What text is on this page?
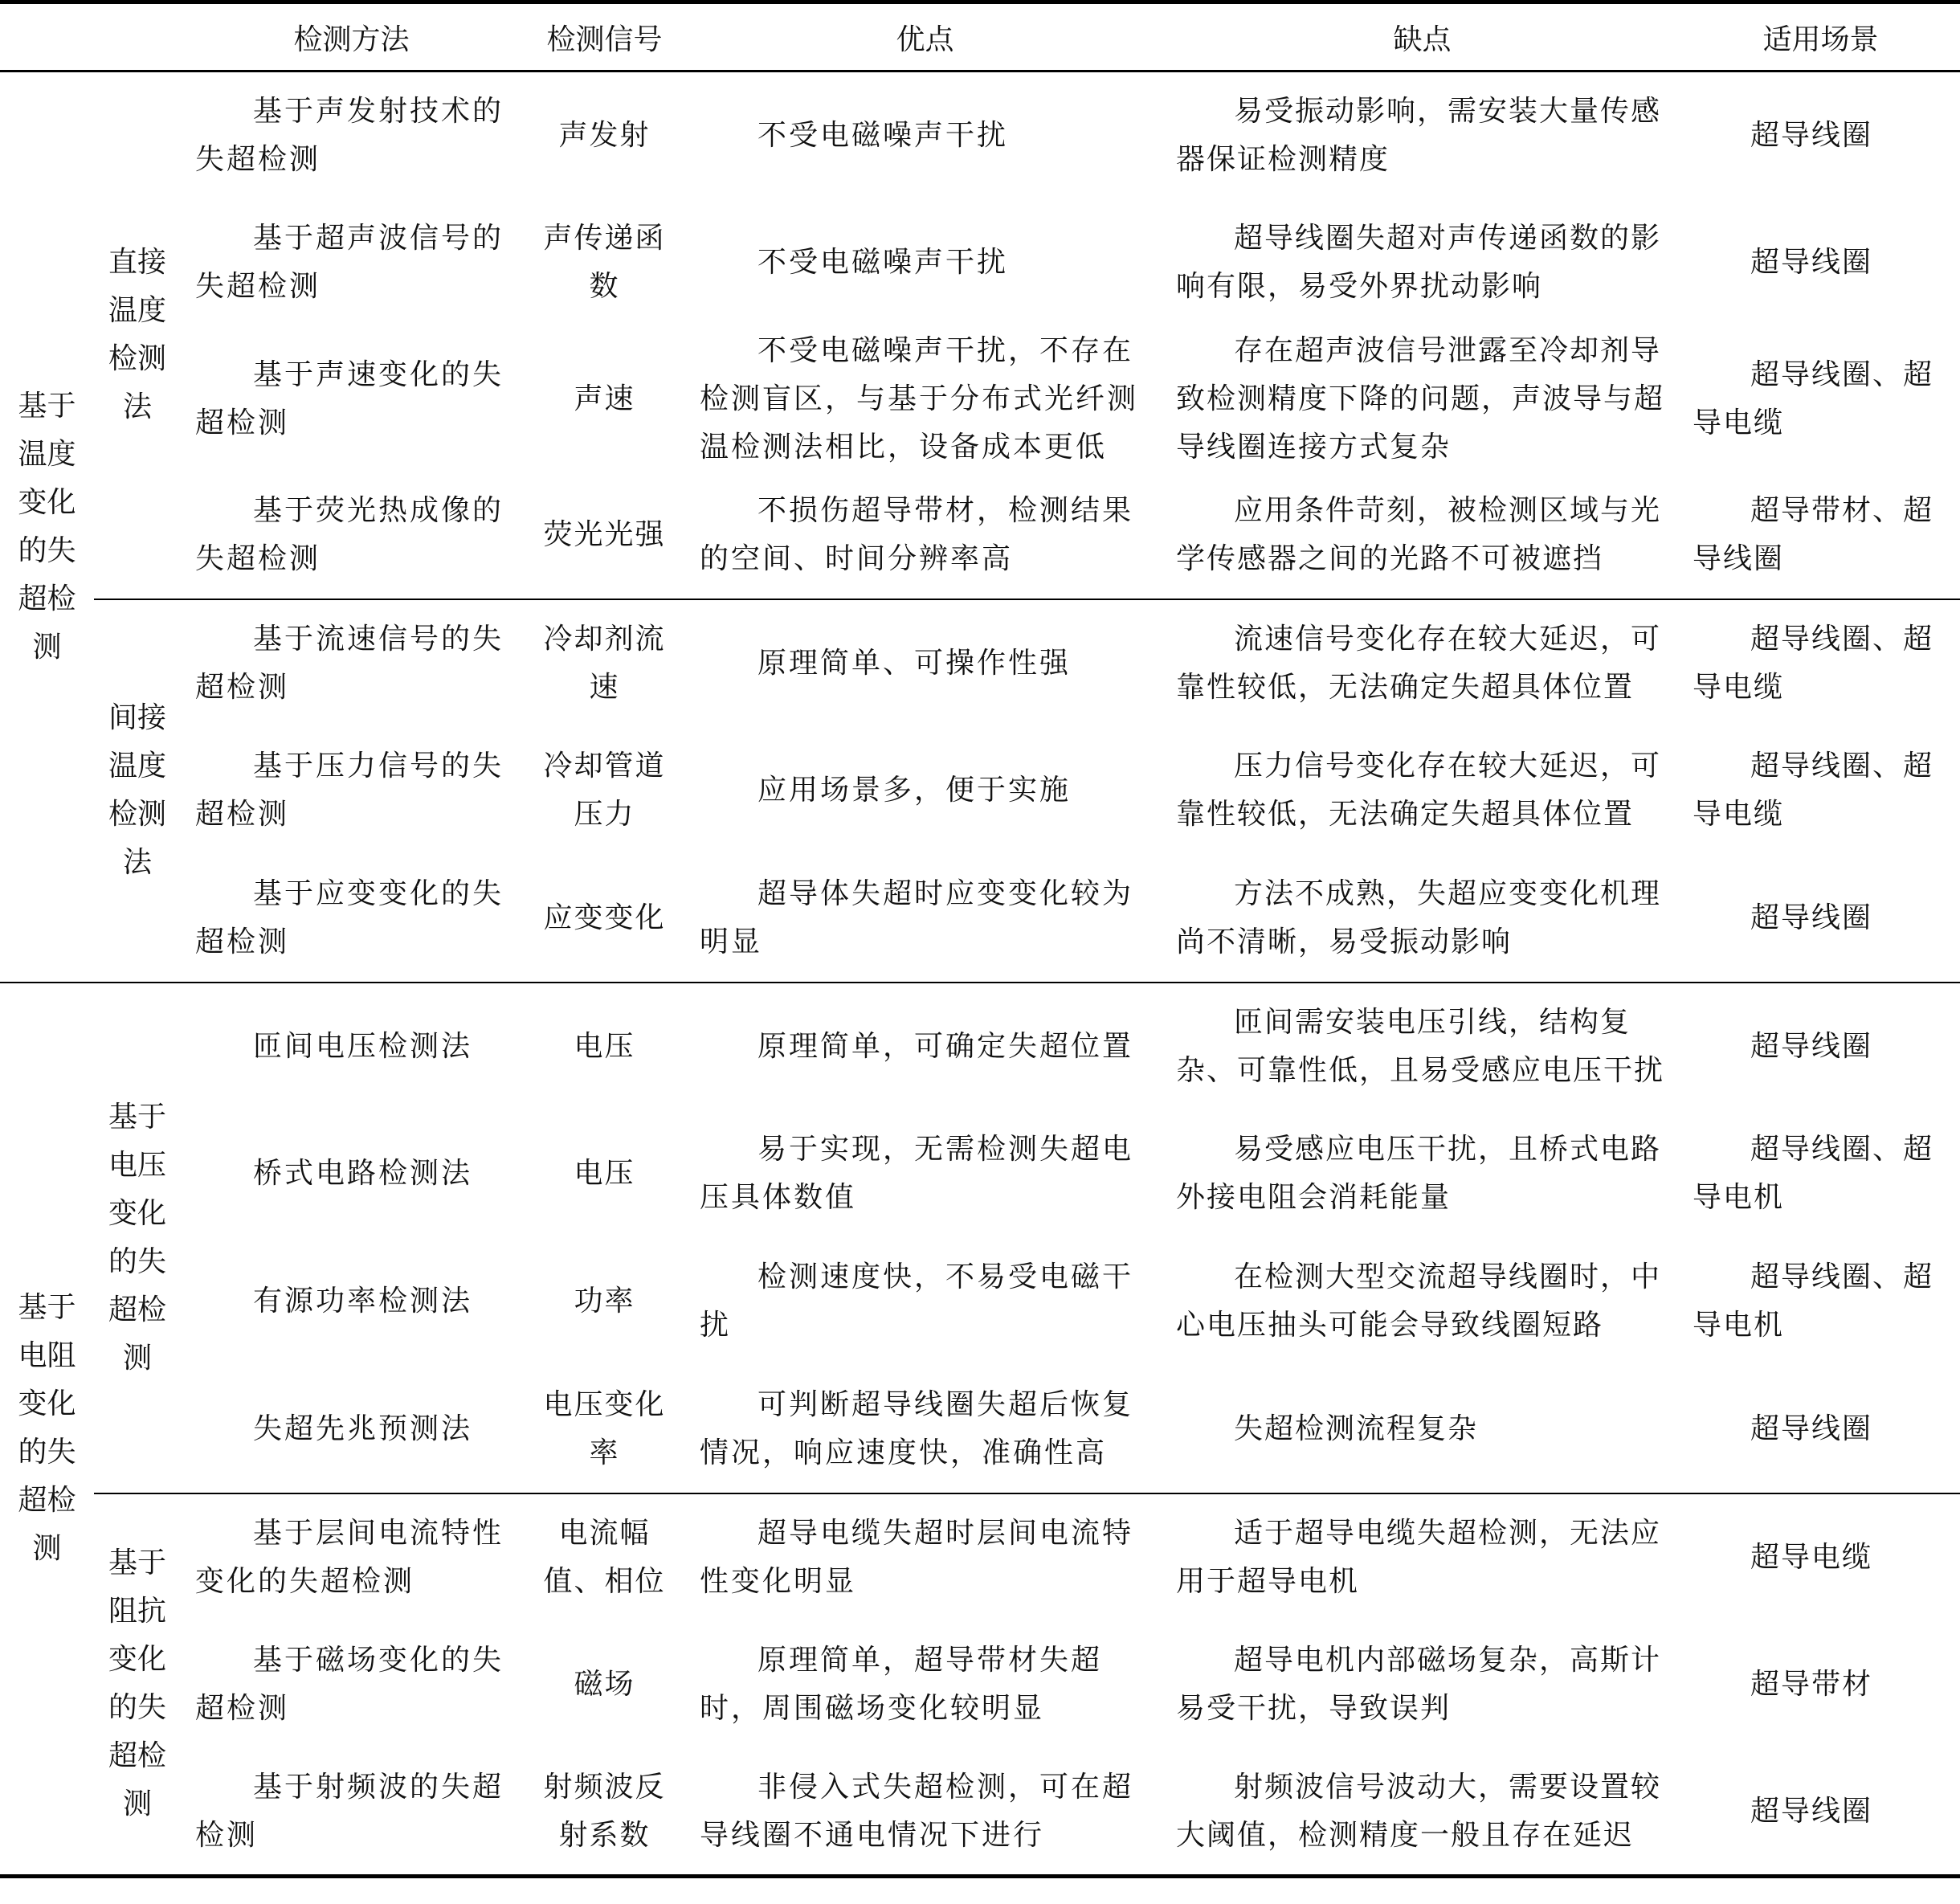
		检测方法	检测信号	优点	缺点	适用场景
基于温度变化的失超检测	直接温度检测法	基于声发射技术的失超检测	声发射	不受电磁噪声干扰	易受振动影响，需安装大量传感器保证检测精度	超导线圈
		基于超声波信号的失超检测	声传递函数	不受电磁噪声干扰	超导线圈失超对声传递函数的影响有限，易受外界扰动影响	超导线圈
		基于声速变化的失超检测	声速	不受电磁噪声干扰，不存在检测盲区，与基于分布式光纤测温检测法相比，设备成本更低	存在超声波信号泄露至冷却剂导致检测精度下降的问题，声波导与超导线圈连接方式复杂	超导线圈、超导电缆
		基于荧光热成像的失超检测	荧光光强	不损伤超导带材，检测结果的空间、时间分辨率高	应用条件苛刻，被检测区域与光学传感器之间的光路不可被遮挡	超导带材、超导线圈
	间接温度检测法	基于流速信号的失超检测	冷却剂流速	原理简单、可操作性强	流速信号变化存在较大延迟，可靠性较低，无法确定失超具体位置	超导线圈、超导电缆
		基于压力信号的失超检测	冷却管道压力	应用场景多，便于实施	压力信号变化存在较大延迟，可靠性较低，无法确定失超具体位置	超导线圈、超导电缆
		基于应变变化的失超检测	应变变化	超导体失超时应变变化较为明显	方法不成熟，失超应变变化机理尚不清晰，易受振动影响	超导线圈
基于电阻变化的失超检测	基于电压变化的失超检测	匝间电压检测法	电压	原理简单，可确定失超位置	匝间需安装电压引线，结构复杂、可靠性低，且易受感应电压干扰	超导线圈
		桥式电路检测法	电压	易于实现，无需检测失超电压具体数值	易受感应电压干扰，且桥式电路外接电阻会消耗能量	超导线圈、超导电机
		有源功率检测法	功率	检测速度快，不易受电磁干扰	在检测大型交流超导线圈时，中心电压抽头可能会导致线圈短路	超导线圈、超导电机
		失超先兆预测法	电压变化率	可判断超导线圈失超后恢复情况，响应速度快，准确性高	失超检测流程复杂	超导线圈
	基于阻抗变化的失超检测	基于层间电流特性变化的失超检测	电流幅值、相位	超导电缆失超时层间电流特性变化明显	适于超导电缆失超检测，无法应用于超导电机	超导电缆
		基于磁场变化的失超检测	磁场	原理简单，超导带材失超时，周围磁场变化较明显	超导电机内部磁场复杂，高斯计易受干扰，导致误判	超导带材
		基于射频波的失超检测	射频波反射系数	非侵入式失超检测，可在超导线圈不通电情况下进行	射频波信号波动大，需要设置较大阈值，检测精度一般且存在延迟	超导线圈
